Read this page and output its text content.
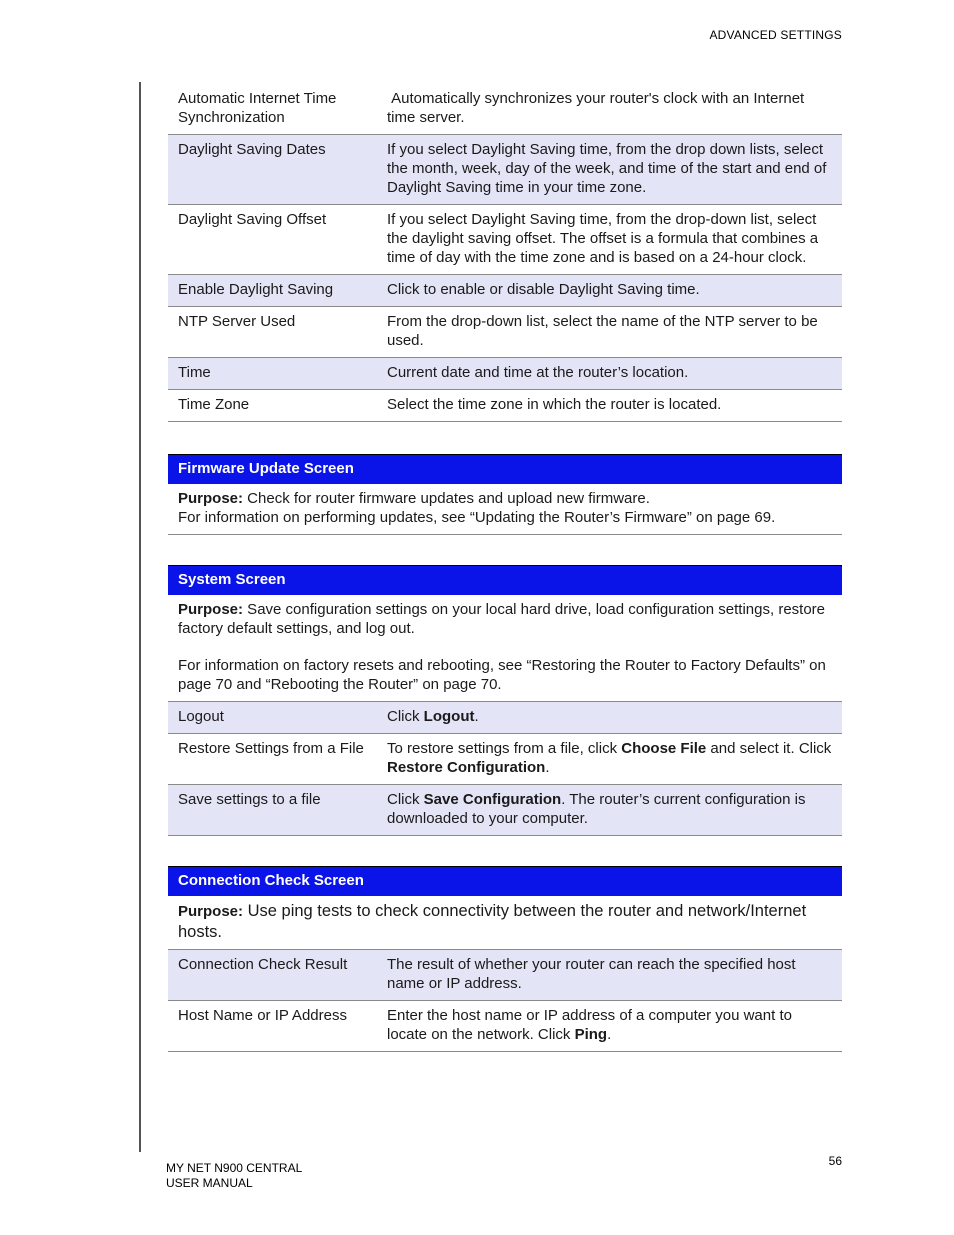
ADVANCED SETTINGS
Automatic Internet Time Synchronization	Automatically synchronizes your router's clock with an Internet time server.
Daylight Saving Dates	If you select Daylight Saving time, from the drop down lists, select the month, week, day of the week, and time of the start and end of Daylight Saving time in your time zone.
Daylight Saving Offset	If you select Daylight Saving time, from the drop-down list, select the daylight saving offset. The offset is a formula that combines a time of day with the time zone and is based on a 24-hour clock.
Enable Daylight Saving	Click to enable or disable Daylight Saving time.
NTP Server Used	From the drop-down list, select the name of the NTP server to be used.
Time	Current date and time at the router’s location.
Time Zone	Select the time zone in which the router is located.
Firmware Update Screen

Purpose: Check for router firmware updates and upload new firmware.
For information on performing updates, see “Updating the Router’s Firmware” on page 69.

System Screen

Purpose: Save configuration settings on your local hard drive, load configuration settings, restore factory default settings, and log out.

For information on factory resets and rebooting, see “Restoring the Router to Factory Defaults” on page 70 and “Rebooting the Router” on page 70.

Logout	Click Logout.
Restore Settings from a File	To restore settings from a file, click Choose File and select it. Click Restore Configuration.
Save settings to a file	Click Save Configuration. The router’s current configuration is downloaded to your computer.
Connection Check Screen

Purpose: Use ping tests to check connectivity between the router and network/Internet hosts.

Connection Check Result	The result of whether your router can reach the specified host name or IP address.
Host Name or IP Address	Enter the host name or IP address of a computer you want to locate on the network. Click Ping.
MY NET N900 CENTRAL
USER MANUAL
56
